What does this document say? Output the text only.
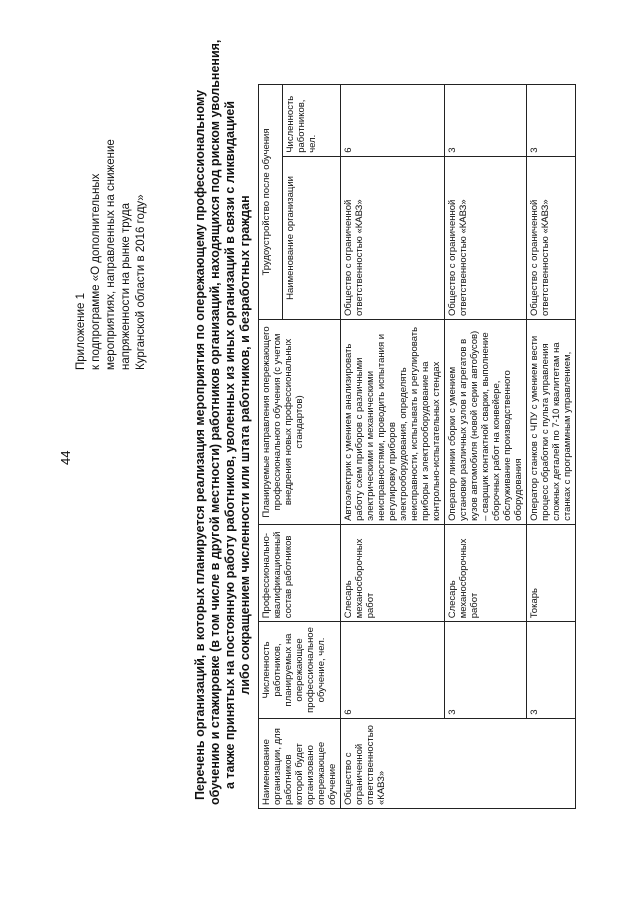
44
Приложение 1 к подпрограмме «О дополнительных мероприятиях, направленных на снижение напряженности на рынке труда Курганской области в 2016 году»	Перечень организаций, в которых планируется реализация мероприятия по опережающему профессиональному обучению и стажировке (в том числе в другой местности) работников организаций, находящихся под риском увольнения, а также принятых на постоянную работу работников, уволенных из иных организаций в связи с ликвидацией либо сокращением численности или штата работников, и безработных граждан
Наименование организации, для работников которой будет организовано опережающее обучение	Численность работников, планируемых на опережающее профессиональное обучение, чел.	Профессионально-квалификационный состав работников	Планируемые направления опережающего профессионального обучения (с учетом внедрения новых профессиональных стандартов)	Трудоустройство после обучения	
				Наименование организации	Численность работников, чел.
Общество с ограниченной ответственностью «КАВЗ»	6	Слесарь механосборочных работ	Автоэлектрик с умением анализировать работу схем приборов с различными электрическими и механическими неисправностями, проводить испытания и регулировку приборов электрооборудования, определять неисправности, испытывать и регулировать приборы и электрооборудование на контрольно-испытательных стендах	Общество с ограниченной ответственностью «КАВЗ»	6
	3	Слесарь механосборочных работ	Оператор линии сборки с умением установки различных узлов и агрегатов в кузов автомобиля (новой серии автобусов) – сварщик контактной сварки, выполнение сборочных работ на конвейере, обслуживание производственного оборудования	Общество с ограниченной ответственностью «КАВЗ»	3
	3	Токарь	Оператор станков с ЧПУ с умением вести процесс обработки с пульта управления сложных деталей по 7-10 квалитетам на станках с программным управлением,	Общество с ограниченной ответственностью «КАВЗ»	3
